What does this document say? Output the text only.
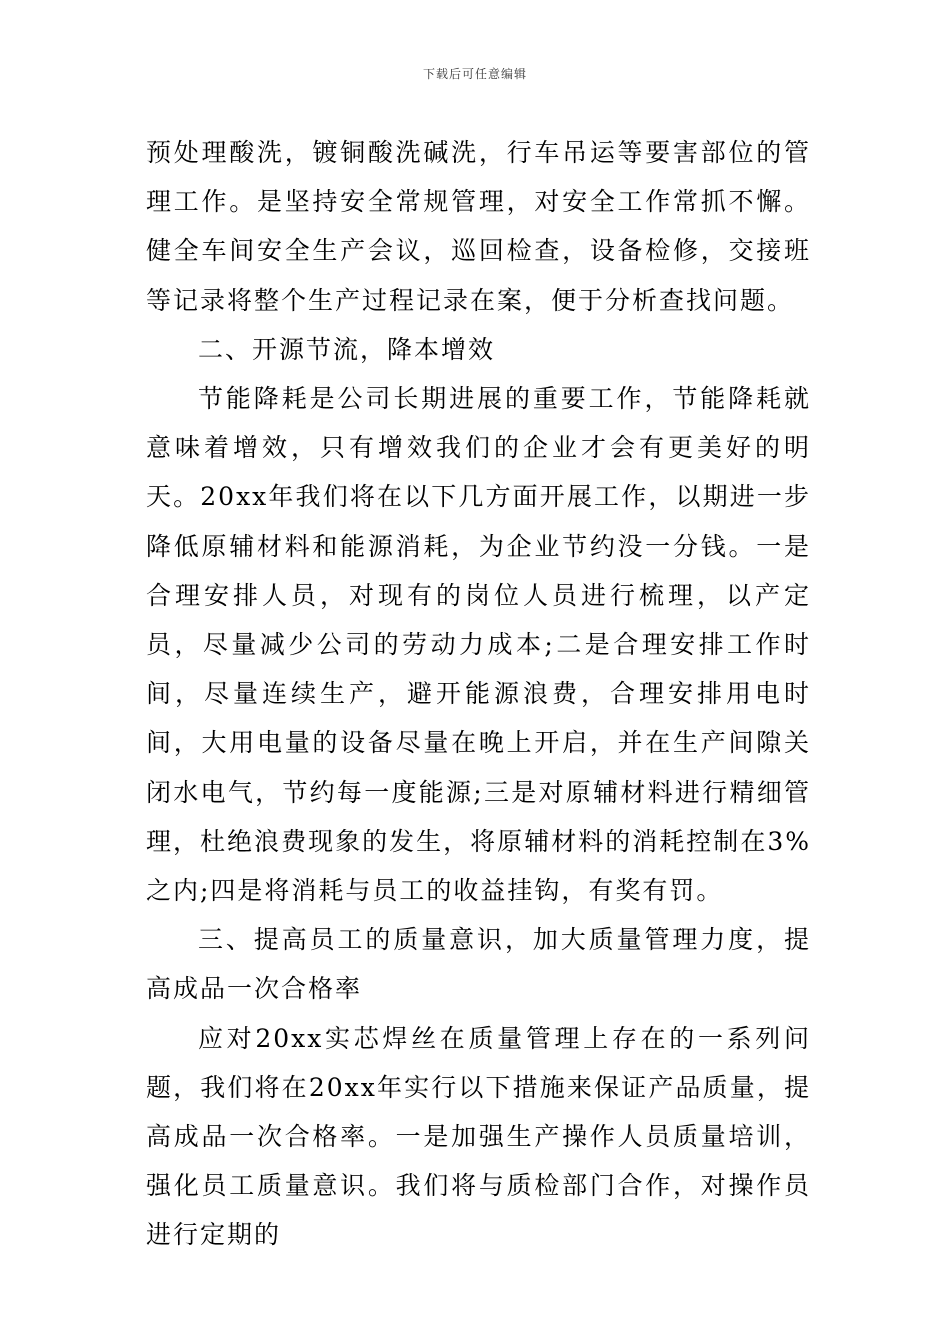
下载后可任意编辑

预处理酸洗，镀铜酸洗碱洗，行车吊运等要害部位的管理工作。是坚持安全常规管理，对安全工作常抓不懈。健全车间安全生产会议，巡回检查，设备检修，交接班等记录将整个生产过程记录在案，便于分析查找问题。

二、开源节流，降本增效

节能降耗是公司长期进展的重要工作，节能降耗就意味着增效，只有增效我们的企业才会有更美好的明天。20xx年我们将在以下几方面开展工作，以期进一步降低原辅材料和能源消耗，为企业节约没一分钱。一是合理安排人员，对现有的岗位人员进行梳理，以产定员，尽量减少公司的劳动力成本;二是合理安排工作时间，尽量连续生产，避开能源浪费，合理安排用电时间，大用电量的设备尽量在晚上开启，并在生产间隙关闭水电气，节约每一度能源;三是对原辅材料进行精细管理，杜绝浪费现象的发生，将原辅材料的消耗控制在3%之内;四是将消耗与员工的收益挂钩，有奖有罚。

三、提高员工的质量意识，加大质量管理力度，提高成品一次合格率

应对20xx实芯焊丝在质量管理上存在的一系列问题，我们将在20xx年实行以下措施来保证产品质量，提高成品一次合格率。一是加强生产操作人员质量培训，强化员工质量意识。我们将与质检部门合作，对操作员进行定期的
